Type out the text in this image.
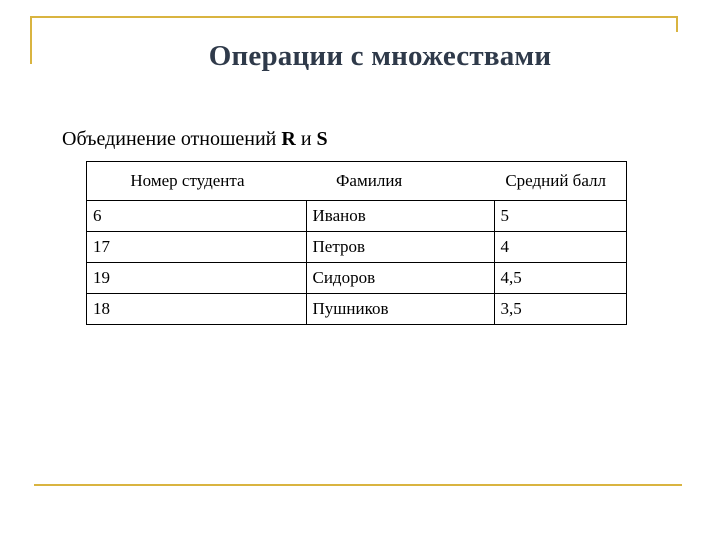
Операции с множествами
Объединение отношений R и S
Номер студента	Фамилия	Средний балл
6	Иванов	5
17	Петров	4
19	Сидоров	4,5
18	Пушников	3,5
